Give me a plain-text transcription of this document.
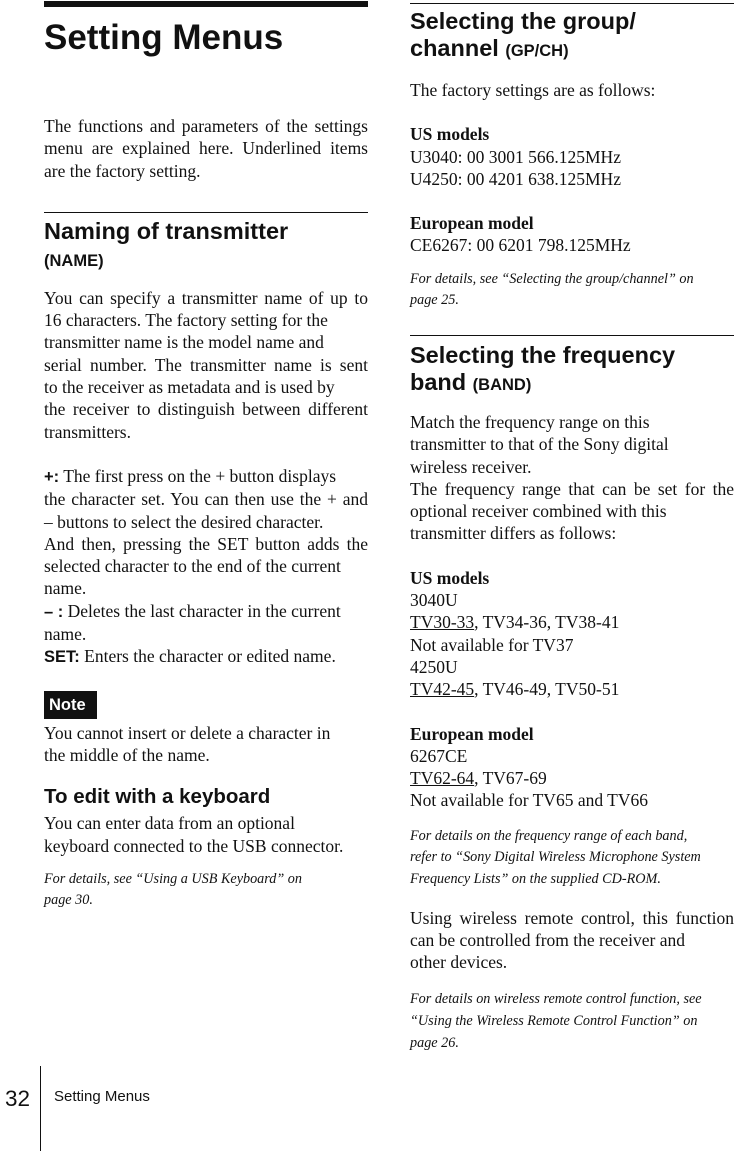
Setting Menus

The functions and parameters of the settings
menu are explained here. Underlined items
are the factory setting.

Naming of transmitter
(NAME)

You can specify a transmitter name of up to
16 characters. The factory setting for the
transmitter name is the model name and
serial number. The transmitter name is sent
to the receiver as metadata and is used by
the receiver to distinguish between different
transmitters.

+: The first press on the + button displays
the character set. You can then use the + and
– buttons to select the desired character.
And then, pressing the SET button adds the
selected character to the end of the current
name.
– : Deletes the last character in the current
name.
SET: Enters the character or edited name.

Note

You cannot insert or delete a character in
the middle of the name.

To edit with a keyboard

You can enter data from an optional
keyboard connected to the USB connector.

For details, see “Using a USB Keyboard” on
page 30.

Selecting the group/
channel (GP/CH)

The factory settings are as follows:

US models
U3040: 00 3001 566.125MHz
U4250: 00 4201 638.125MHz

European model
CE6267: 00 6201 798.125MHz

For details, see “Selecting the group/channel” on
page 25.

Selecting the frequency
band (BAND)

Match the frequency range on this
transmitter to that of the Sony digital
wireless receiver.
The frequency range that can be set for the
optional receiver combined with this
transmitter differs as follows:

US models
3040U
TV30-33, TV34-36, TV38-41
Not available for TV37
4250U
TV42-45, TV46-49, TV50-51

European model
6267CE
TV62-64, TV67-69
Not available for TV65 and TV66

For details on the frequency range of each band,
refer to “Sony Digital Wireless Microphone System
Frequency Lists” on the supplied CD-ROM.

Using wireless remote control, this function
can be controlled from the receiver and
other devices.

For details on wireless remote control function, see
“Using the Wireless Remote Control Function” on
page 26.

32 Setting Menus
